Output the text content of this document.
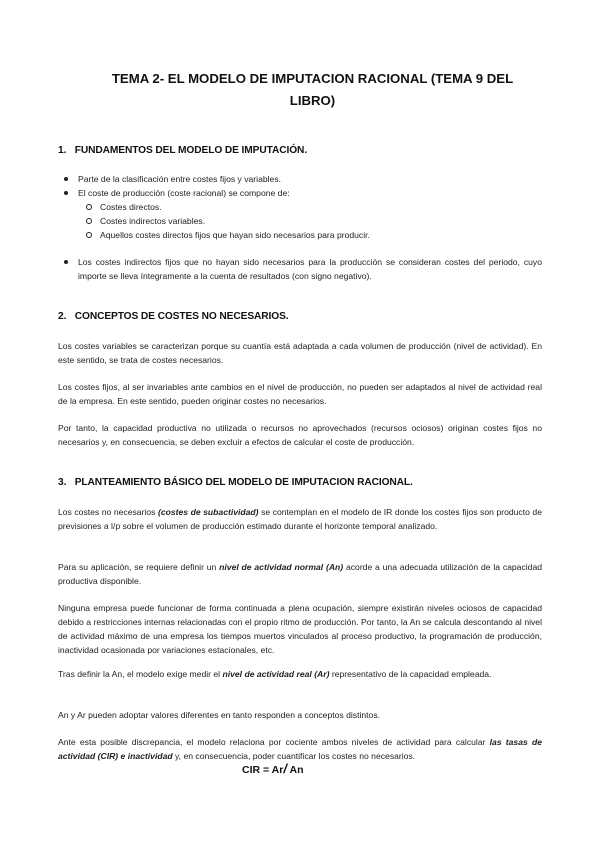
TEMA 2- EL MODELO DE IMPUTACION RACIONAL (TEMA 9 DEL
LIBRO)
1. FUNDAMENTOS DEL MODELO DE IMPUTACIÓN.
Parte de la clasificación entre costes fijos y variables.
El coste de producción (coste racional) se compone de:
Costes directos.
Costes indirectos variables.
Aquellos costes directos fijos que hayan sido necesarios para producir.
Los costes indirectos fijos que no hayan sido necesarios para la producción se consideran costes del periodo, cuyo importe se lleva íntegramente a la cuenta de resultados (con signo negativo).
2. CONCEPTOS DE COSTES NO NECESARIOS.
Los costes variables se caracterizan porque su cuantía está adaptada a cada volumen de producción (nivel de actividad). En este sentido, se trata de costes necesarios.
Los costes fijos, al ser invariables ante cambios en el nivel de producción, no pueden ser adaptados al nivel de actividad real de la empresa. En este sentido, pueden originar costes no necesarios.
Por tanto, la capacidad productiva no utilizada o recursos no aprovechados (recursos ociosos) originan costes fijos no necesarios y, en consecuencia, se deben excluir a efectos de calcular el coste de producción.
3. PLANTEAMIENTO BÁSICO DEL MODELO DE IMPUTACION RACIONAL.
Los costes no necesarios (costes de subactividad) se contemplan en el modelo de IR donde los costes fijos son producto de previsiones a l/p sobre el volumen de producción estimado durante el horizonte temporal analizado.
Para su aplicación, se requiere definir un nivel de actividad normal (An) acorde a una adecuada utilización de la capacidad productiva disponible.
Ninguna empresa puede funcionar de forma continuada a plena ocupación, siempre existirán niveles ociosos de capacidad debido a restricciones internas relacionadas con el propio ritmo de producción. Por tanto, la An se calcula descontando al nivel de actividad máximo de una empresa los tiempos muertos vinculados al proceso productivo, la programación de producción, inactividad ocasionada por variaciones estacionales, etc.
Tras definir la An, el modelo exige medir el nivel de actividad real (Ar) representativo de la capacidad empleada.
An y Ar pueden adoptar valores diferentes en tanto responden a conceptos distintos.
Ante esta posible discrepancia, el modelo relaciona por cociente ambos niveles de actividad para calcular las tasas de actividad (CIR) e inactividad y, en consecuencia, poder cuantificar los costes no necesarios.
CIR = Ar/ An
